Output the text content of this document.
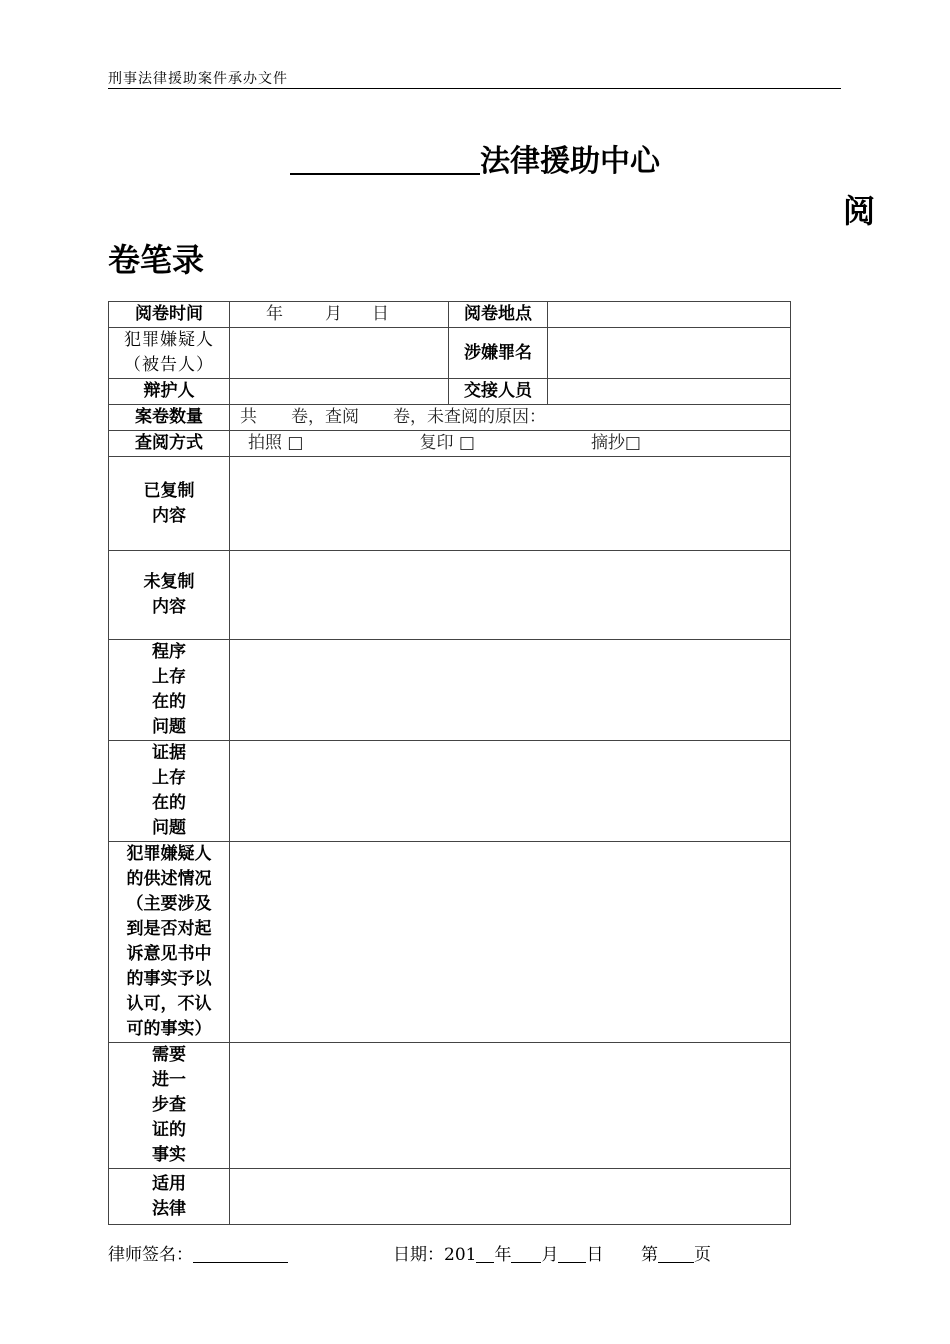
刑事法律援助案件承办文件
法律援助中心
阅
卷笔录
阅卷时间	年 月 日	阅卷地点	
犯罪嫌疑人（被告人）		涉嫌罪名	
辩护人		交接人员	
案卷数量	共　　卷，查阅　　卷，未查阅的原因：		
查阅方式	拍照 □ 复印 □ 摘抄□		
已复制内容			
未复制内容			
程序上存在的问题			
证据上存在的问题			
犯罪嫌疑人的供述情况（主要涉及到是否对起诉意见书中的事实予以认可，不认可的事实）			
需要进一步查证的事实			
适用法律			
律师签名：	日期：201 年 月 日 第 页
